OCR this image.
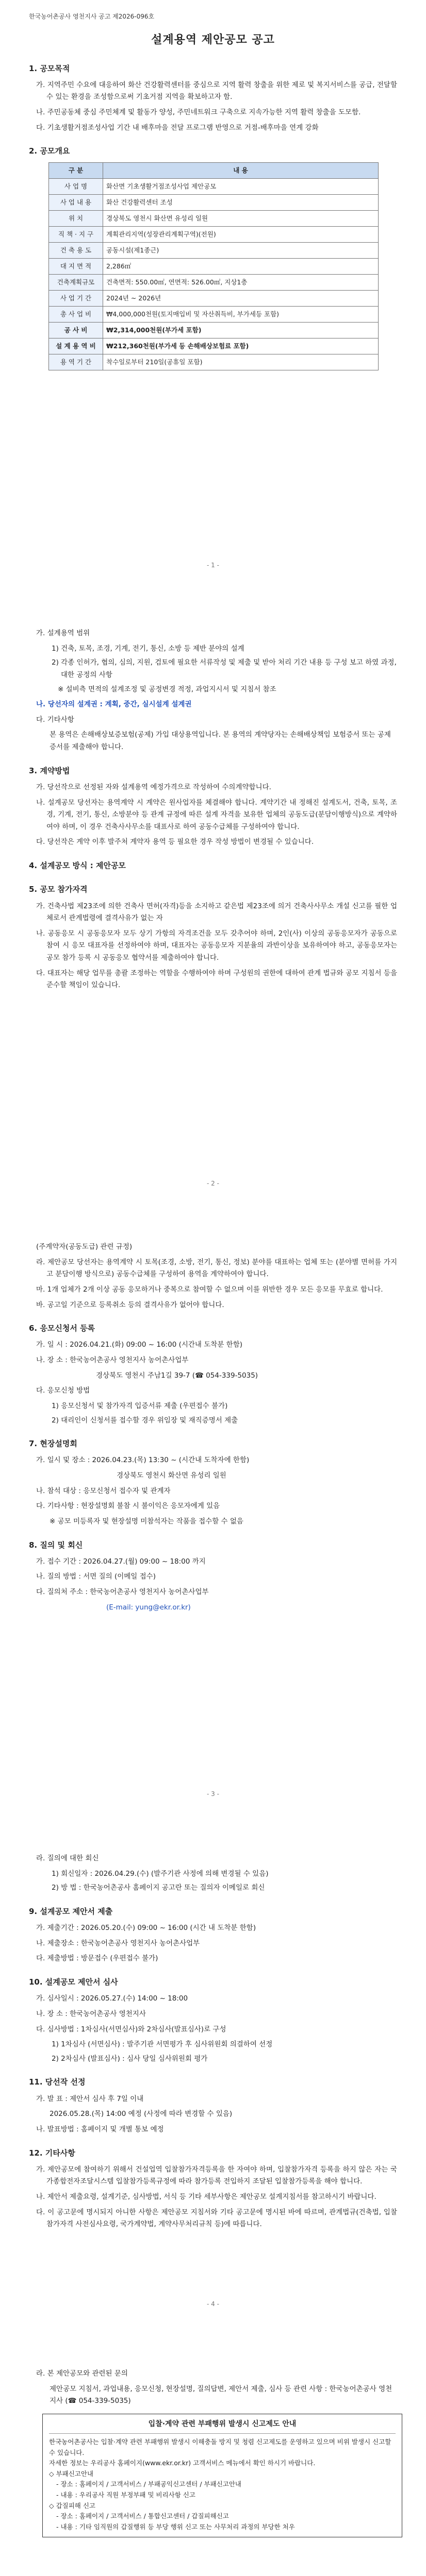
한국농어촌공사 영천지사 공고 제2026-096호
설계용역 제안공모 공고
1. 공모목적
가. 지역주민 수요에 대응하여 화산 건강활력센터를 중심으로 지역 활력 창출을 위한 제로 및 복지서비스를 공급, 전달할 수 있는 환경을 조성함으로써 기초거점 지역을 확보하고자 함.
나. 주민공동체 중심 주민체계 및 활동가 양성, 주민네트워크 구축으로 지속가능한 지역 활력 창출을 도모함.
다. 기초생활거점조성사업 기간 내 배후마을 전달 프로그램 반영으로 거점-배후마을 연계 강화
2. 공모개요
구 분	내 용
사 업 명	화산면 기초생활거점조성사업 제안공모
사 업 내 용	화산 건강활력센터 조성
위 치	경상북도 영천시 화산면 유성리 일원
직 책 · 지 구	계획관리지역(성장관리계획구역)(전원)
건 축 용 도	공동시설(제1종근)
대 지 면 적	2,286㎡
건축계획규모	건축면적: 550.00㎡, 연면적: 526.00㎡, 지상1층
사 업 기 간	2024년 ~ 2026년
총 사 업 비	₩4,000,000천원(토지매입비 및 자산취득비, 부가세등 포함)
공 사 비	₩2,314,000천원(부가세 포함)
설 계 용 역 비	₩212,360천원(부가세 등 손해배상보험료 포함)
용 역 기 간	착수일로부터 210일(공휴일 포함)
- 1 -
가. 설계용역 범위
1) 건축, 토목, 조경, 기계, 전기, 통신, 소방 등 제반 분야의 설계
2) 각종 인허가, 협의, 심의, 지원, 검토에 필요한 서류작성 및 제출 및 받아 처리 기간 내용 등 구성 보고 하였 과정, 대한 공정의 사항
※ 설비측 면적의 설계조정 및 공정변경 적정, 과업지시서 및 지침서 참조
나. 당선자의 설계권 : 계획, 중간, 실시설계 설계권
다. 기타사항
본 용역은 손해배상보증보험(공제) 가입 대상용역입니다. 본 용역의 계약당자는 손해배상책임 보험증서 또는 공제증서를 제출해야 합니다.
3. 계약방법
가. 당선작으로 선정된 자와 설계용역 예정가격으로 작성하여 수의계약합니다.
나. 설계공모 당선자는 용역계약 시 계약은 원사업자를 체결해야 합니다. 계약기간 내 정해진 설계도서, 건축, 토목, 조경, 기계, 전기, 통신, 소방분야 등 관계 규정에 따른 설계 자격을 보유한 업체의 공동도급(분담이행방식)으로 계약하여야 하며, 이 경우 건축사사무소를 대표사로 하여 공동수급체를 구성하여야 합니다.
다. 당선작은 계약 이후 발주처 계약자 용역 등 필요한 경우 작성 방법이 변경될 수 있습니다.
4. 설계공모 방식 : 제안공모
5. 공모 참가자격
가. 건축사법 제23조에 의한 건축사 면허(자격)등을 소지하고 같은법 제23조에 의거 건축사사무소 개설 신고를 필한 업체로서 관계법령에 결격사유가 없는 자
나. 공동응모 시 공동응모자 모두 상기 가항의 자격조건을 모두 갖추어야 하며, 2인(사) 이상의 공동응모자가 공동으로 참여 시 응모 대표자를 선정하여야 하며, 대표자는 공동응모자 지분율의 과반이상을 보유하여야 하고, 공동응모자는 공모 참가 등록 시 공동응모 협약서를 제출하여야 합니다.
다. 대표자는 해당 업무를 총괄 조정하는 역할을 수행하여야 하며 구성원의 권한에 대하여 관계 법규와 공모 지침서 등을 준수할 책임이 있습니다.
- 2 -
(주계약자(공동도급) 관련 규정)
라. 제안공모 당선자는 용역계약 시 토목(조경, 소방, 전기, 통신, 정보) 분야를 대표하는 업체 또는 (분야별 면허를 가지고 분담이행 방식으로) 공동수급체를 구성하여 용역을 계약하여야 합니다.
마. 1개 업체가 2개 이상 공동 응모하거나 중복으로 참여할 수 없으며 이를 위반한 경우 모든 응모를 무효로 합니다.
바. 공고일 기준으로 등록취소 등의 결격사유가 없어야 합니다.
6. 응모신청서 등록
가. 일 시 : 2026.04.21.(화) 09:00 ~ 16:00 (시간내 도착분 한함)
나. 장 소 : 한국농어촌공사 영천지사 농어촌사업부
경상북도 영천시 주남1길 39-7 (☎ 054-339-5035)
다. 응모신청 방법
1) 응모신청서 및 참가자격 입증서류 제출 (우편접수 불가)
2) 대리인이 신청서를 접수할 경우 위임장 및 재직증명서 제출
7. 현장설명회
가. 일시 및 장소 : 2026.04.23.(목) 13:30 ~ (시간내 도착자에 한함)
경상북도 영천시 화산면 유성리 일원
나. 참석 대상 : 응모신청서 접수자 및 관계자
다. 기타사항 : 현장설명회 불참 시 불이익은 응모자에게 있음
※ 공모 미등록자 및 현장설명 미참석자는 작품을 접수할 수 없음
8. 질의 및 회신
가. 접수 기간 : 2026.04.27.(월) 09:00 ~ 18:00 까지
나. 질의 방법 : 서면 질의 (이메일 접수)
다. 질의처 주소 : 한국농어촌공사 영천지사 농어촌사업부
(E-mail: yung@ekr.or.kr)
- 3 -
라. 질의에 대한 회신
1) 회신일자 : 2026.04.29.(수) (발주기관 사정에 의해 변경될 수 있음)
2) 방 법 : 한국농어촌공사 홈페이지 공고란 또는 질의자 이메일로 회신
9. 설계공모 제안서 제출
가. 제출기간 : 2026.05.20.(수) 09:00 ~ 16:00 (시간 내 도착분 한함)
나. 제출장소 : 한국농어촌공사 영천지사 농어촌사업부
다. 제출방법 : 방문접수 (우편접수 불가)
10. 설계공모 제안서 심사
가. 심사일시 : 2026.05.27.(수) 14:00 ~ 18:00
나. 장 소 : 한국농어촌공사 영천지사
다. 심사방법 : 1차심사(서면심사)와 2차심사(발표심사)로 구성
1) 1차심사 (서면심사) : 발주기관 서면평가 후 심사위원회 의결하여 선정
2) 2차심사 (발표심사) : 심사 당일 심사위원회 평가
11. 당선작 선정
가. 발 표 : 제안서 심사 후 7일 이내
2026.05.28.(목) 14:00 예정 (사정에 따라 변경할 수 있음)
나. 발표방법 : 홈페이지 및 개별 통보 예정
12. 기타사항
가. 제안공모에 참여하기 위해서 건설업역 입찰참가자격등록을 한 자여야 하며, 입찰참가자격 등록을 하지 않은 자는 국가종합전자조달시스템 입찰참가등록규정에 따라 참가등록 전입하지 조달된 입찰참가등록을 해야 합니다.
나. 제안서 제출요령, 설계기준, 심사방법, 서식 등 기타 세부사항은 제안공모 설계지침서를 참고하시기 바랍니다.
다. 이 공고문에 명시되지 아니한 사항은 제안공모 지침서와 기타 공고문에 명시된 바에 따르며, 관계법규(건축법, 입찰참가자격 사전심사요령, 국가계약법, 계약사무처리규칙 등)에 따릅니다.
- 4 -
라. 본 제안공모와 관련된 문의
제안공모 지침서, 과업내용, 응모신청, 현장설명, 질의답변, 제안서 제출, 심사 등 관련 사항 : 한국농어촌공사 영천지사 (☎ 054-339-5035)
입찰·계약 관련 부패행위 발생시 신고제도 안내
한국농어촌공사는 입찰·계약 관련 부패행위 발생시 이해충돌 방지 및 청렴 신고제도를 운영하고 있으며 비위 발생시 신고할 수 있습니다.
자세한 정보는 우리공사 홈페이지(www.ekr.or.kr) 고객서비스 메뉴에서 확인 하시기 바랍니다.
◇ 부패신고안내
- 장소 : 홈페이지 / 고객서비스 / 부패공익신고센터 / 부패신고안내
- 내용 : 우리공사 직원 부정부패 및 비리사항 신고
◇ 갑질피해 신고
- 장소 : 홈페이지 / 고객서비스 / 통합신고센터 / 갑질피해신고
- 내용 : 기타 임직원의 갑질행위 등 부당 행위 신고 또는 사무처리 과정의 부당한 처우
